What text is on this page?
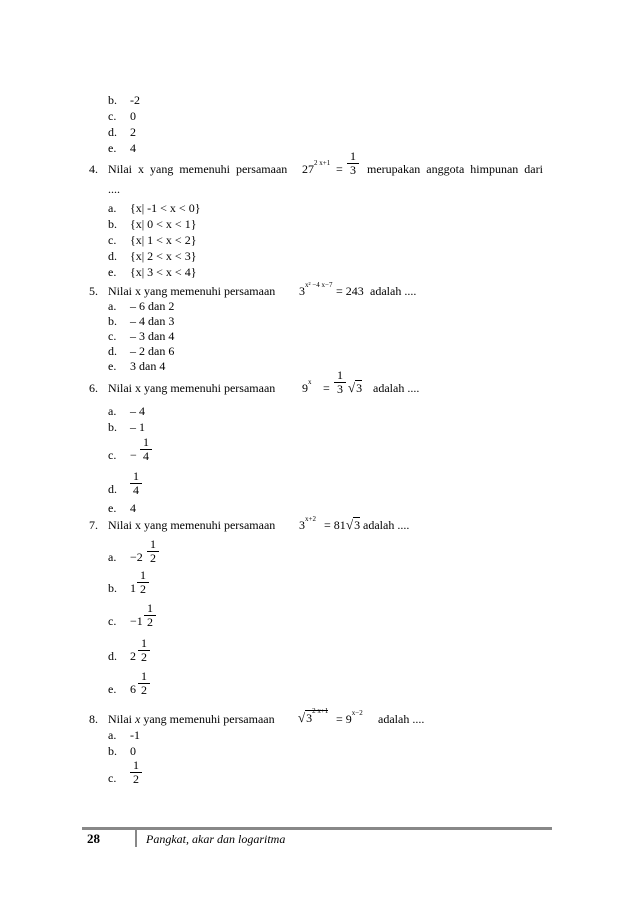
b. -2
c. 0
d. 2
e. 4
4. Nilai x yang memenuhi persamaan $27^{2 x+1}$ =
1
3 merupakan anggota himpunan dari
....
a. {x| -1 < x < 0}
b. {x| 0 < x < 1}
c. {x| 1 < x < 2}
d. {x| 2 < x < 3}
e. {x| 3 < x < 4}
5. Nilai x yang memenuhi persamaan $3^{x^2 -4 x-7} = 243$ adalah ....
a. – 6 dan 2
b. – 4 dan 3
c. – 3 dan 4
d. – 2 dan 6
e. 3 dan 4
6. Nilai x yang memenuhi persamaan $9^x$ =
1
3 √3 adalah ....
a. – 4
b. – 1
c. −
1
4
d.
1
4
e. 4
7. Nilai x yang memenuhi persamaan $3^{x+2} = 81$ √3 adalah ....
a. −2
1
2
b. 1
1
2
c. −1
1
2
d. 2
1
2
e. 6
1
2
8. Nilai x yang memenuhi persamaan $√3^{2 x+1}$
= $9^{x-2}$ adalah ....
a. -1
b. 0
c.
1
2
28	Pangkat, akar dan logaritma
